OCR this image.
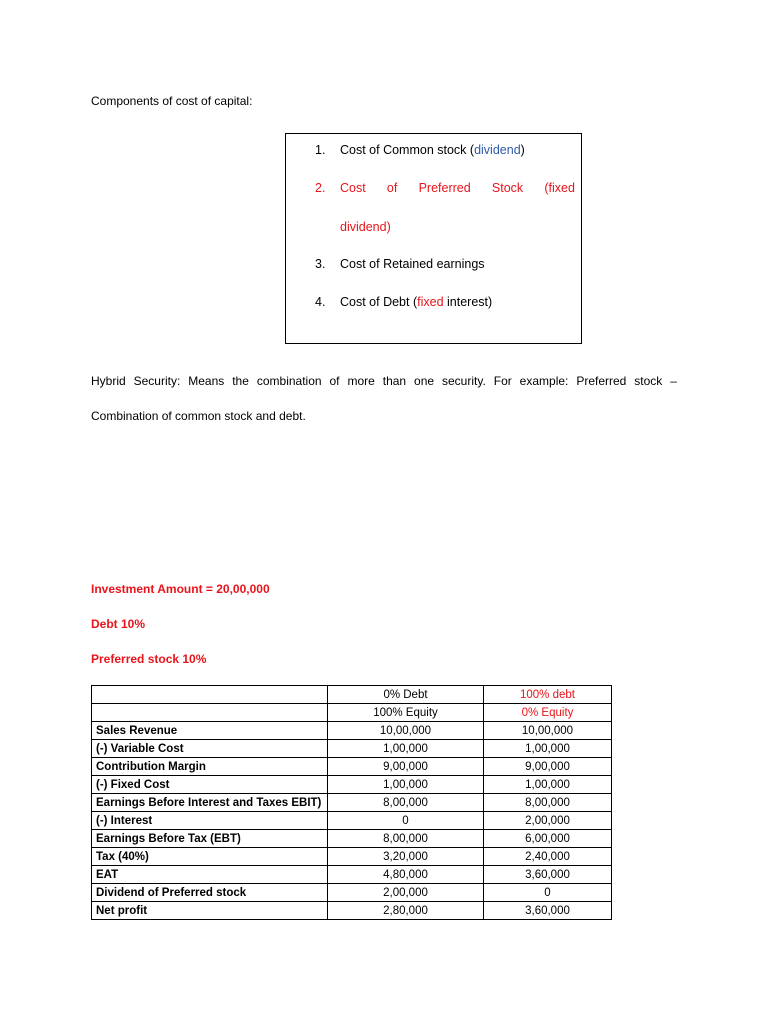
Components of cost of capital:
1.	Cost of Common stock (dividend)
2.	Cost of Preferred Stock (fixed
dividend)
3.	Cost of Retained earnings
4.	Cost of Debt (fixed interest)
Hybrid Security: Means the combination of more than one security. For example: Preferred stock –
Combination of common stock and debt.
Investment Amount = 20,00,000
Debt 10%
Preferred stock 10%
	0% Debt	100% debt
	100% Equity	0% Equity
Sales Revenue	10,00,000	10,00,000
(-) Variable Cost	1,00,000	1,00,000
Contribution Margin	9,00,000	9,00,000
(-) Fixed Cost	1,00,000	1,00,000
Earnings Before Interest and Taxes EBIT)	8,00,000	8,00,000
(-) Interest	0	2,00,000
Earnings Before Tax (EBT)	8,00,000	6,00,000
Tax (40%)	3,20,000	2,40,000
EAT	4,80,000	3,60,000
Dividend of Preferred stock	2,00,000	0
Net profit	2,80,000	3,60,000
